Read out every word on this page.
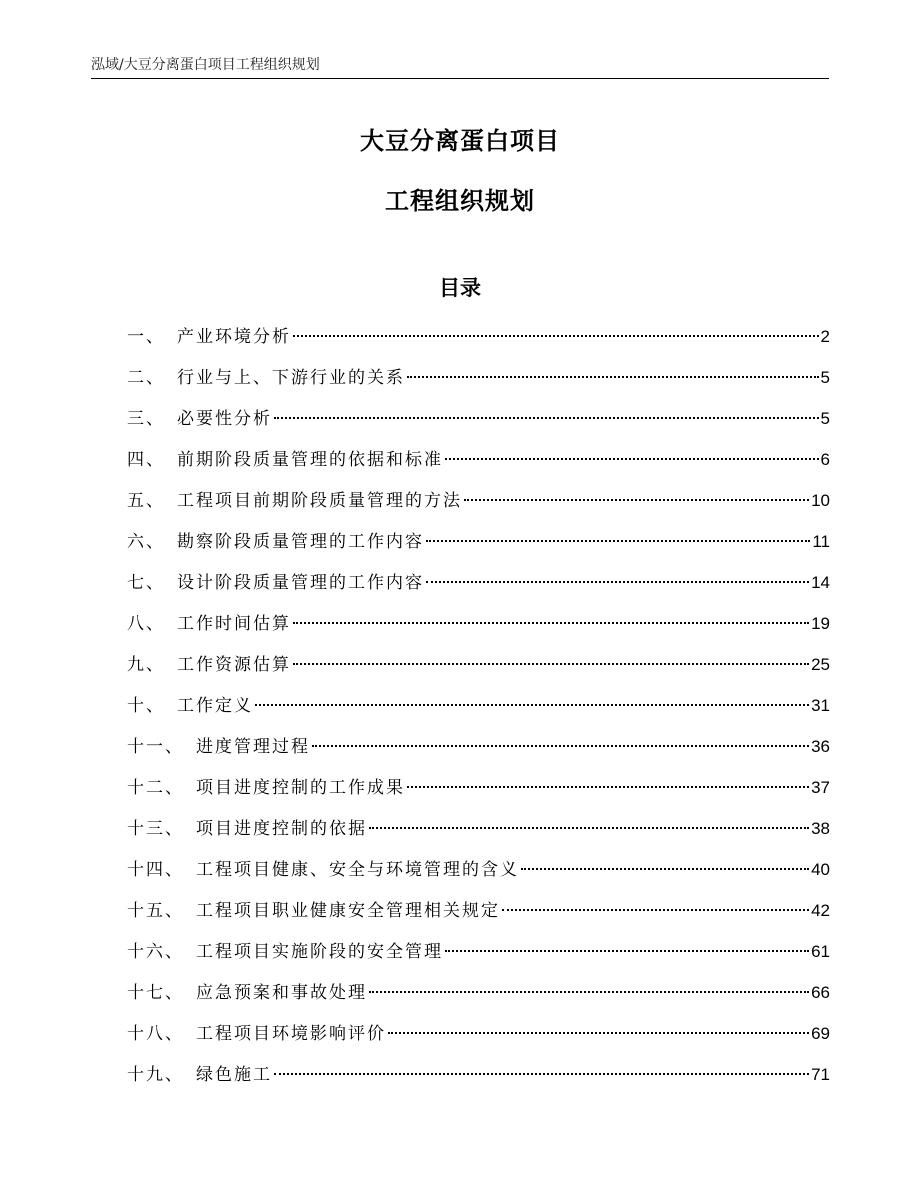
泓域/大豆分离蛋白项目工程组织规划
大豆分离蛋白项目
工程组织规划
目录
一、 产业环境分析	2
二、 行业与上、下游行业的关系	5
三、 必要性分析	5
四、 前期阶段质量管理的依据和标准	6
五、 工程项目前期阶段质量管理的方法	10
六、 勘察阶段质量管理的工作内容	11
七、 设计阶段质量管理的工作内容	14
八、 工作时间估算	19
九、 工作资源估算	25
十、 工作定义	31
十一、 进度管理过程	36
十二、 项目进度控制的工作成果	37
十三、 项目进度控制的依据	38
十四、 工程项目健康、安全与环境管理的含义	40
十五、 工程项目职业健康安全管理相关规定	42
十六、 工程项目实施阶段的安全管理	61
十七、 应急预案和事故处理	66
十八、 工程项目环境影响评价	69
十九、 绿色施工	71
